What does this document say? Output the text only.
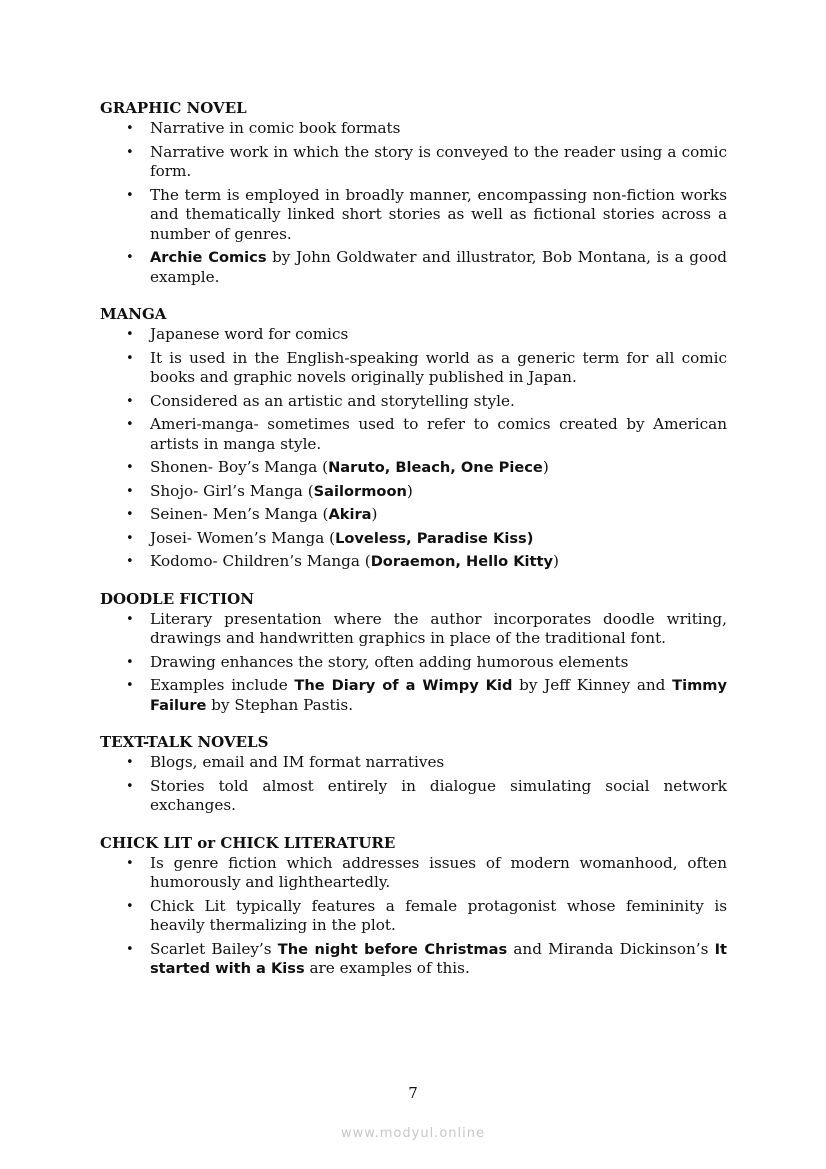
GRAPHIC NOVEL
• Narrative in comic book formats
• Narrative work in which the story is conveyed to the reader using a comic form.
• The term is employed in broadly manner, encompassing non-fiction works and thematically linked short stories as well as fictional stories across a number of genres.
• Archie Comics by John Goldwater and illustrator, Bob Montana, is a good example.
MANGA
• Japanese word for comics
• It is used in the English-speaking world as a generic term for all comic books and graphic novels originally published in Japan.
• Considered as an artistic and storytelling style.
• Ameri-manga- sometimes used to refer to comics created by American artists in manga style.
• Shonen- Boy’s Manga (Naruto, Bleach, One Piece)
• Shojo- Girl’s Manga (Sailormoon)
• Seinen- Men’s Manga (Akira)
• Josei- Women’s Manga (Loveless, Paradise Kiss)
• Kodomo- Children’s Manga (Doraemon, Hello Kitty)
DOODLE FICTION
• Literary presentation where the author incorporates doodle writing, drawings and handwritten graphics in place of the traditional font.
• Drawing enhances the story, often adding humorous elements
• Examples include The Diary of a Wimpy Kid by Jeff Kinney and Timmy Failure by Stephan Pastis.
TEXT-TALK NOVELS
• Blogs, email and IM format narratives
• Stories told almost entirely in dialogue simulating social network exchanges.
CHICK LIT or CHICK LITERATURE
• Is genre fiction which addresses issues of modern womanhood, often humorously and lightheartedly.
• Chick Lit typically features a female protagonist whose femininity is heavily thermalizing in the plot.
• Scarlet Bailey’s The night before Christmas and Miranda Dickinson’s It started with a Kiss are examples of this.
7
www.modyul.online
